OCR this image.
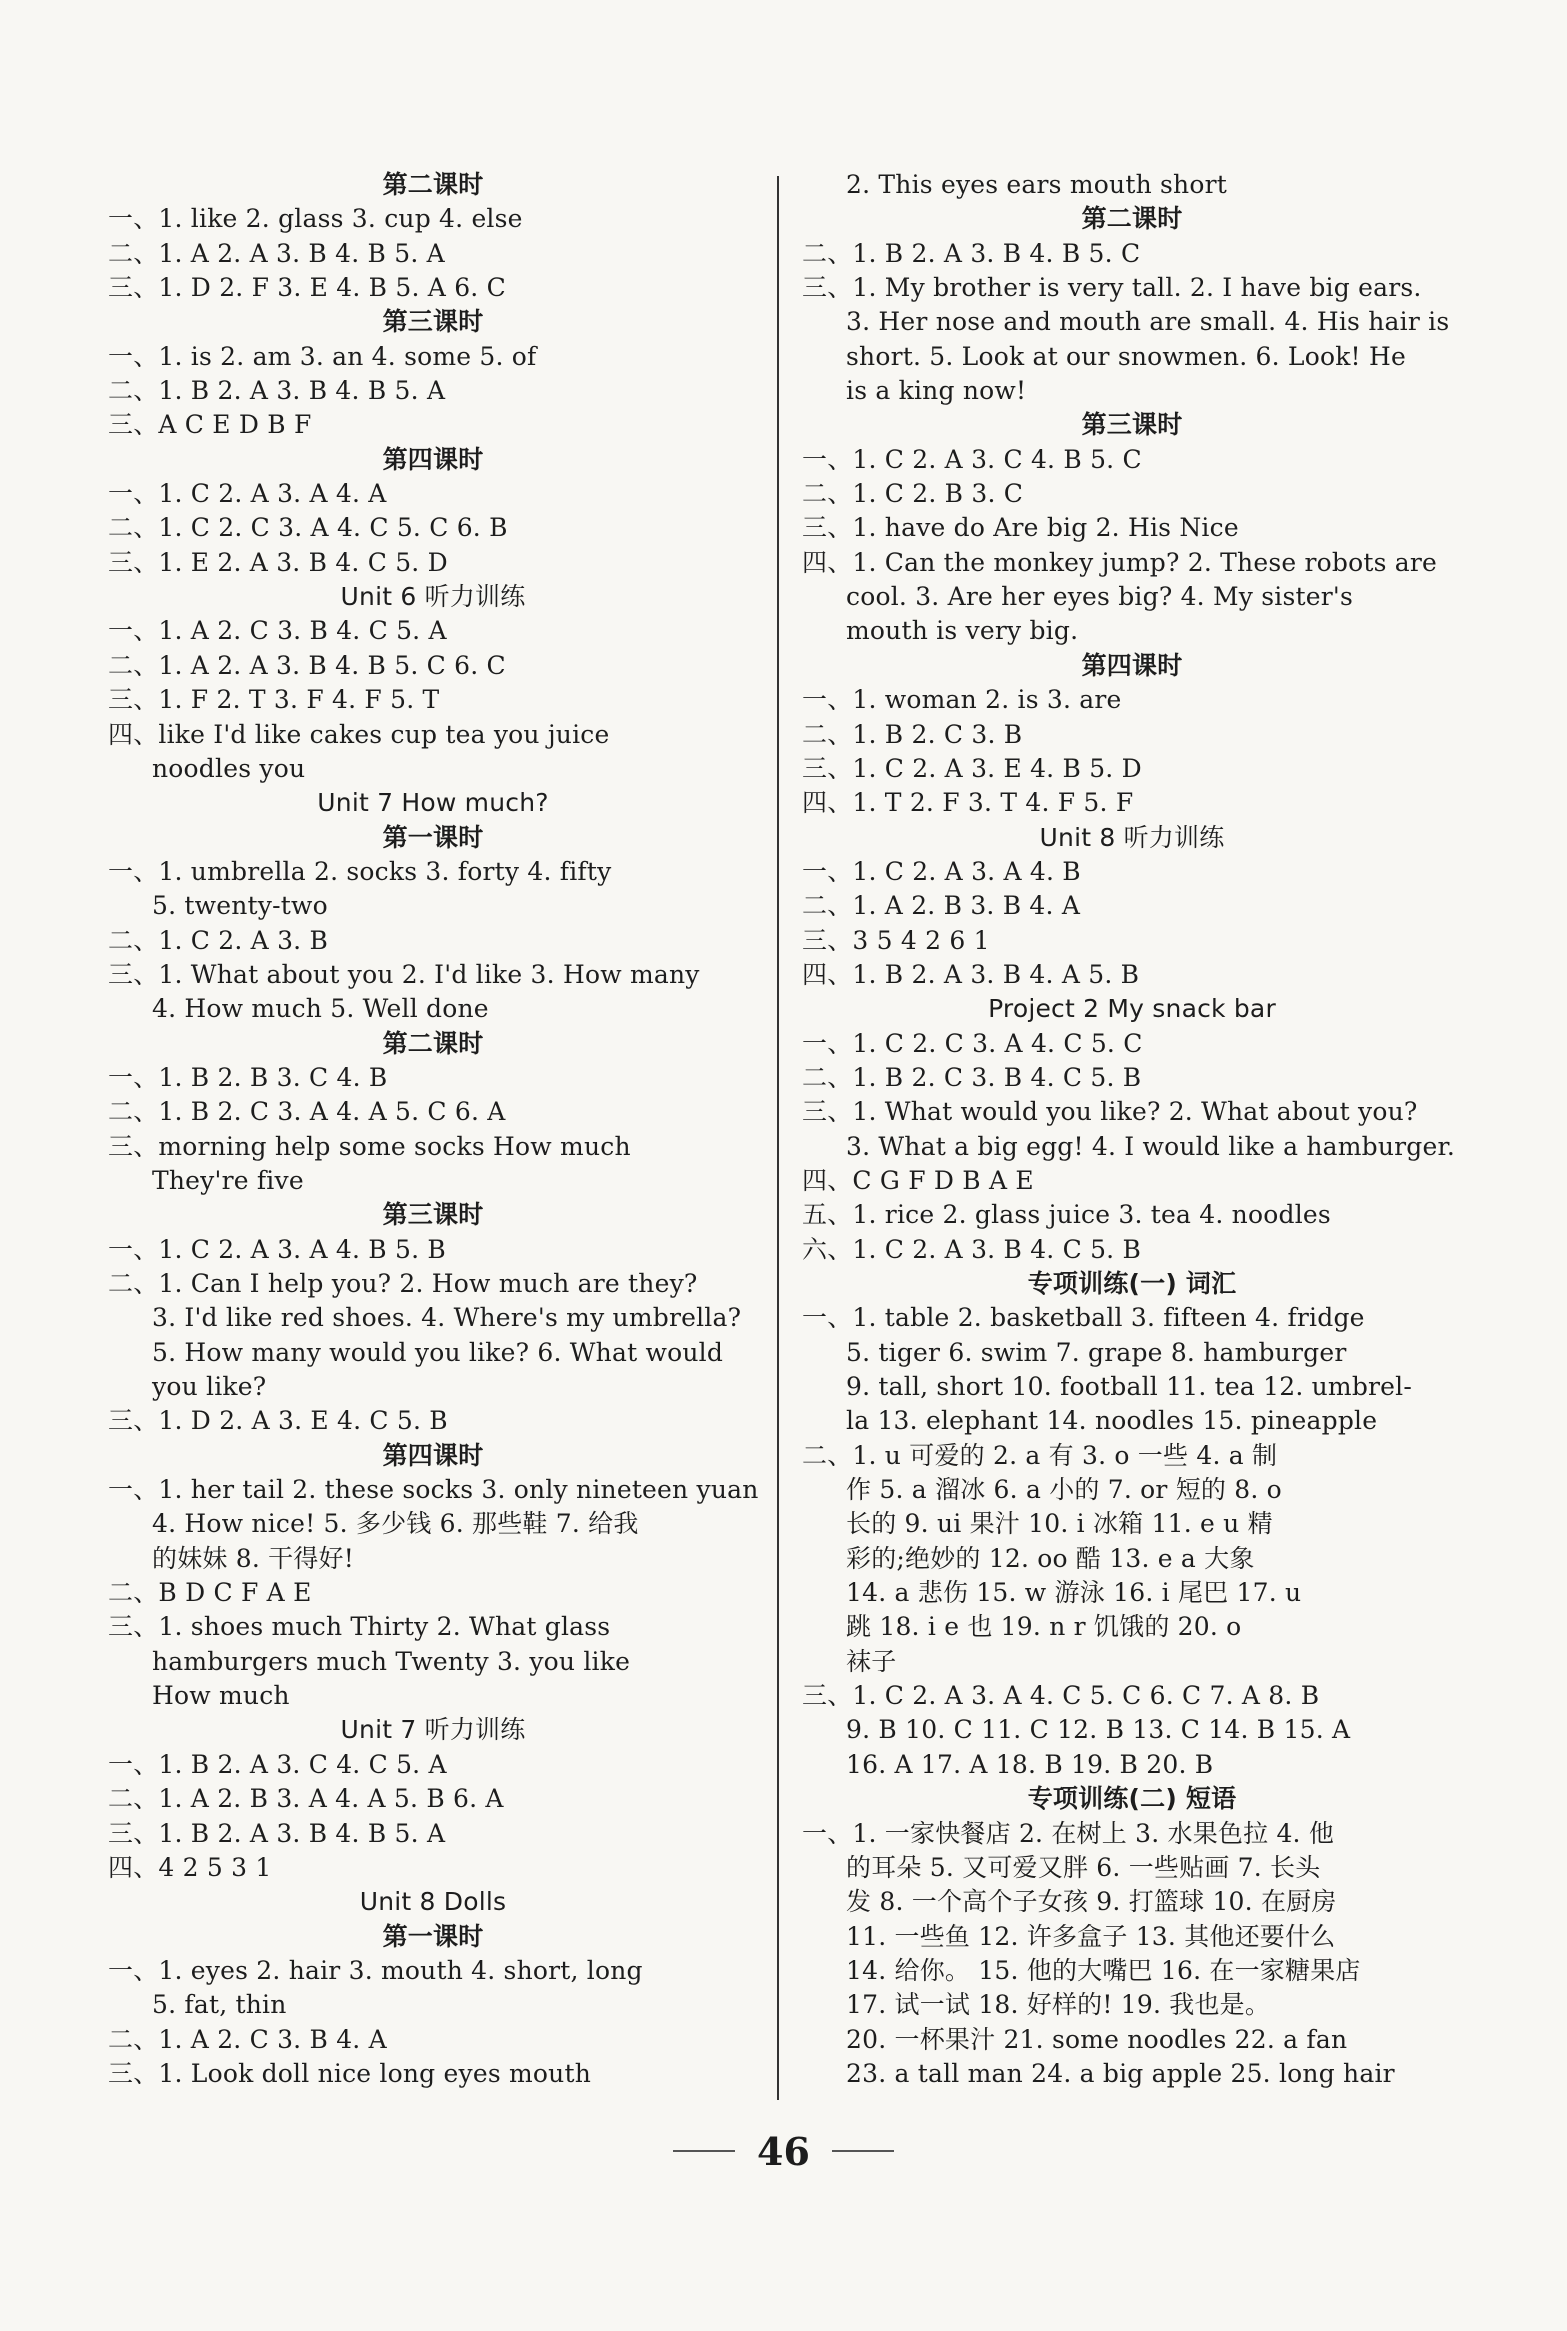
第二课时
一、1. like 2. glass 3. cup 4. else
二、1. A 2. A 3. B 4. B 5. A
三、1. D 2. F 3. E 4. B 5. A 6. C
第三课时
一、1. is 2. am 3. an 4. some 5. of
二、1. B 2. A 3. B 4. B 5. A
三、A C E D B F
第四课时
一、1. C 2. A 3. A 4. A
二、1. C 2. C 3. A 4. C 5. C 6. B
三、1. E 2. A 3. B 4. C 5. D
Unit 6 听力训练
一、1. A 2. C 3. B 4. C 5. A
二、1. A 2. A 3. B 4. B 5. C 6. C
三、1. F 2. T 3. F 4. F 5. T
四、like I'd like cakes cup tea you juice
noodles you
Unit 7 How much?
第一课时
一、1. umbrella 2. socks 3. forty 4. fifty
5. twenty-two
二、1. C 2. A 3. B
三、1. What about you 2. I'd like 3. How many
4. How much 5. Well done
第二课时
一、1. B 2. B 3. C 4. B
二、1. B 2. C 3. A 4. A 5. C 6. A
三、morning help some socks How much
They're five
第三课时
一、1. C 2. A 3. A 4. B 5. B
二、1. Can I help you? 2. How much are they?
3. I'd like red shoes. 4. Where's my umbrella?
5. How many would you like? 6. What would
you like?
三、1. D 2. A 3. E 4. C 5. B
第四课时
一、1. her tail 2. these socks 3. only nineteen yuan
4. How nice! 5. 多少钱 6. 那些鞋 7. 给我
的妹妹 8. 干得好!
二、B D C F A E
三、1. shoes much Thirty 2. What glass
hamburgers much Twenty 3. you like
How much
Unit 7 听力训练
一、1. B 2. A 3. C 4. C 5. A
二、1. A 2. B 3. A 4. A 5. B 6. A
三、1. B 2. A 3. B 4. B 5. A
四、4 2 5 3 1
Unit 8 Dolls
第一课时
一、1. eyes 2. hair 3. mouth 4. short, long
5. fat, thin
二、1. A 2. C 3. B 4. A
三、1. Look doll nice long eyes mouth
2. This eyes ears mouth short
第二课时
二、1. B 2. A 3. B 4. B 5. C
三、1. My brother is very tall. 2. I have big ears.
3. Her nose and mouth are small. 4. His hair is
short. 5. Look at our snowmen. 6. Look! He
is a king now!
第三课时
一、1. C 2. A 3. C 4. B 5. C
二、1. C 2. B 3. C
三、1. have do Are big 2. His Nice
四、1. Can the monkey jump? 2. These robots are
cool. 3. Are her eyes big? 4. My sister's
mouth is very big.
第四课时
一、1. woman 2. is 3. are
二、1. B 2. C 3. B
三、1. C 2. A 3. E 4. B 5. D
四、1. T 2. F 3. T 4. F 5. F
Unit 8 听力训练
一、1. C 2. A 3. A 4. B
二、1. A 2. B 3. B 4. A
三、3 5 4 2 6 1
四、1. B 2. A 3. B 4. A 5. B
Project 2 My snack bar
一、1. C 2. C 3. A 4. C 5. C
二、1. B 2. C 3. B 4. C 5. B
三、1. What would you like? 2. What about you?
3. What a big egg! 4. I would like a hamburger.
四、C G F D B A E
五、1. rice 2. glass juice 3. tea 4. noodles
六、1. C 2. A 3. B 4. C 5. B
专项训练(一) 词汇
一、1. table 2. basketball 3. fifteen 4. fridge
5. tiger 6. swim 7. grape 8. hamburger
9. tall, short 10. football 11. tea 12. umbrel-
la 13. elephant 14. noodles 15. pineapple
二、1. u 可爱的 2. a 有 3. o 一些 4. a 制
作 5. a 溜冰 6. a 小的 7. or 短的 8. o
长的 9. ui 果汁 10. i 冰箱 11. e u 精
彩的;绝妙的 12. oo 酷 13. e a 大象
14. a 悲伤 15. w 游泳 16. i 尾巴 17. u
跳 18. i e 也 19. n r 饥饿的 20. o
袜子
三、1. C 2. A 3. A 4. C 5. C 6. C 7. A 8. B
9. B 10. C 11. C 12. B 13. C 14. B 15. A
16. A 17. A 18. B 19. B 20. B
专项训练(二) 短语
一、1. 一家快餐店 2. 在树上 3. 水果色拉 4. 他
的耳朵 5. 又可爱又胖 6. 一些贴画 7. 长头
发 8. 一个高个子女孩 9. 打篮球 10. 在厨房
11. 一些鱼 12. 许多盒子 13. 其他还要什么
14. 给你。 15. 他的大嘴巴 16. 在一家糖果店
17. 试一试 18. 好样的! 19. 我也是。
20. 一杯果汁 21. some noodles 22. a fan
23. a tall man 24. a big apple 25. long hair
46
